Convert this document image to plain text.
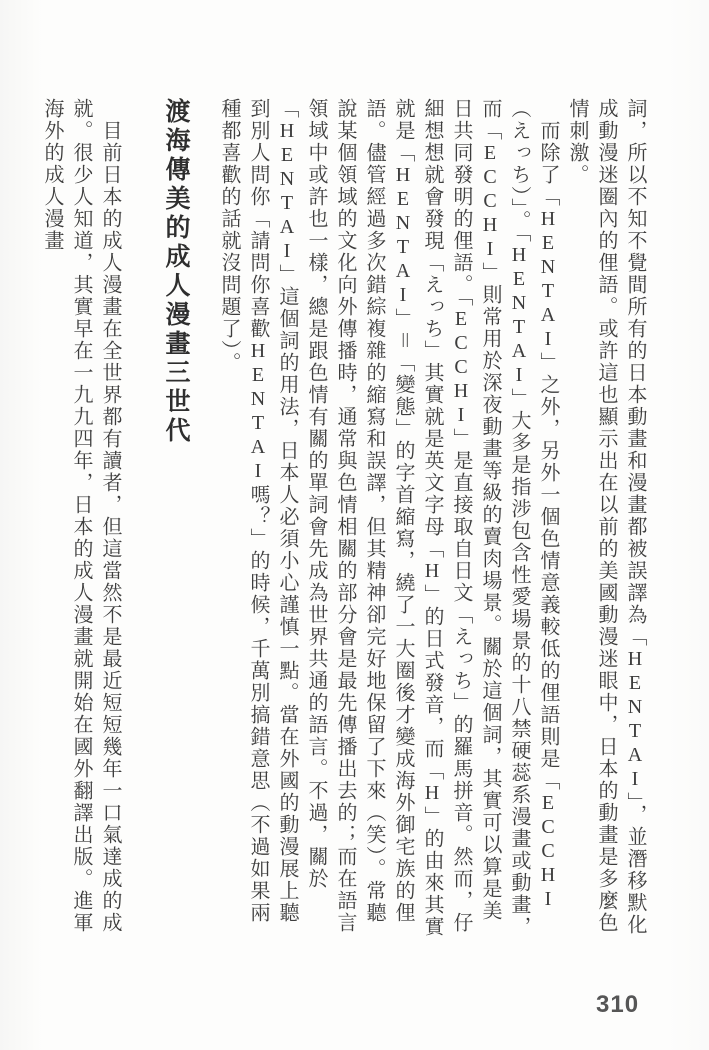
詞，所以不知不覺間所有的日本動畫和漫畫都被誤譯為「HENTAI」，並潛移默化成動漫迷圈內的俚語。或許這也顯示出在以前的美國動漫迷眼中，日本的動畫是多麼色情刺激。

而除了「HENTAI」之外，另外一個色情意義較低的俚語則是「ECCHI（えっち）」。「HENTAI」大多是指涉包含性愛場景的十八禁硬蕊系漫畫或動畫，而「ECCHI」則常用於深夜動畫等級的賣肉場景。關於這個詞，其實可以算是美日共同發明的俚語。「ECCHI」是直接取自日文「えっち」的羅馬拼音。然而，仔細想想就會發現「えっち」其實就是英文字母「H」的日式發音，而「H」的由來其實就是「HENTAI」＝「變態」的字首縮寫，繞了一大圈後才變成海外御宅族的俚語。儘管經過多次錯綜複雜的縮寫和誤譯，但其精神卻完好地保留了下來（笑）。常聽說某個領域的文化向外傳播時，通常與色情相關的部分會是最先傳播出去的；而在語言領域中或許也一樣，總是跟色情有關的單詞會先成為世界共通的語言。不過，關於「HENTAI」這個詞的用法，日本人必須小心謹慎一點。當在外國的動漫展上聽到別人問你「請問你喜歡HENTAI嗎？」的時候，千萬別搞錯意思（不過如果兩種都喜歡的話就沒問題了）。

渡海傳美的成人漫畫三世代

目前日本的成人漫畫在全世界都有讀者，但這當然不是最近短短幾年一口氣達成的成就。很少人知道，其實早在一九九四年，日本的成人漫畫就開始在國外翻譯出版。進軍海外的成人漫畫

310
